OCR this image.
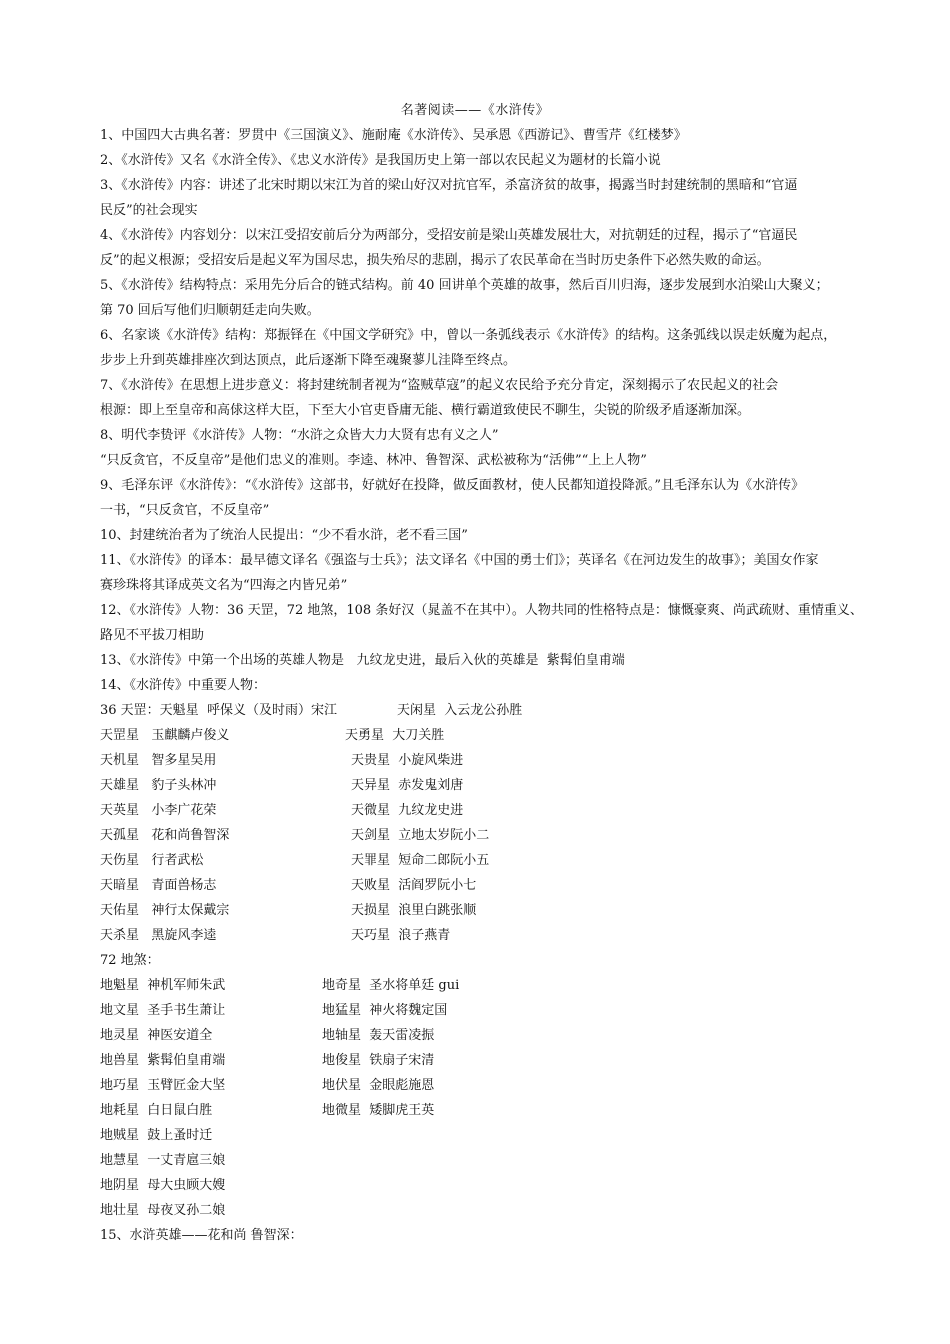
名著阅读——《水浒传》
1、中国四大古典名著：罗贯中《三国演义》、施耐庵《水浒传》、吴承恩《西游记》、曹雪芹《红楼梦》
2、《水浒传》又名《水浒全传》、《忠义水浒传》是我国历史上第一部以农民起义为题材的长篇小说
3、《水浒传》内容：讲述了北宋时期以宋江为首的梁山好汉对抗官军，杀富济贫的故事，揭露当时封建统制的黑暗和“官逼
民反”的社会现实
4、《水浒传》内容划分：以宋江受招安前后分为两部分，受招安前是梁山英雄发展壮大，对抗朝廷的过程，揭示了“官逼民
反”的起义根源；受招安后是起义军为国尽忠，损失殆尽的悲剧，揭示了农民革命在当时历史条件下必然失败的命运。
5、《水浒传》结构特点：采用先分后合的链式结构。前 40 回讲单个英雄的故事，然后百川归海，逐步发展到水泊梁山大聚义；
第 70 回后写他们归顺朝廷走向失败。
6、名家谈《水浒传》结构：郑振铎在《中国文学研究》中，曾以一条弧线表示《水浒传》的结构。这条弧线以误走妖魔为起点，
步步上升到英雄排座次到达顶点，此后逐渐下降至魂聚蓼儿洼降至终点。
7、《水浒传》在思想上进步意义：将封建统制者视为“盗贼草寇”的起义农民给予充分肯定，深刻揭示了农民起义的社会
根源：即上至皇帝和高俅这样大臣，下至大小官吏昏庸无能、横行霸道致使民不聊生，尖锐的阶级矛盾逐渐加深。
8、明代李贽评《水浒传》人物：“水浒之众皆大力大贤有忠有义之人”
“只反贪官，不反皇帝”是他们忠义的准则。李逵、林冲、鲁智深、武松被称为“活佛”“上上人物”
9、毛泽东评《水浒传》：“《水浒传》这部书，好就好在投降，做反面教材，使人民都知道投降派。”且毛泽东认为《水浒传》
一书，“只反贪官，不反皇帝”
10、封建统治者为了统治人民提出：“少不看水浒，老不看三国”
11、《水浒传》的译本：最早德文译名《强盗与士兵》；法文译名《中国的勇士们》；英译名《在河边发生的故事》；美国女作家
赛珍珠将其译成英文名为“四海之内皆兄弟”
12、《水浒传》人物：36 天罡，72 地煞，108 条好汉（晁盖不在其中）。人物共同的性格特点是：慷慨豪爽、尚武疏财、重情重义、
路见不平拔刀相助
13、《水浒传》中第一个出场的英雄人物是   九纹龙史进，最后入伙的英雄是  紫髯伯皇甫端
14、《水浒传》中重要人物：
36 天罡：天魁星  呼保义（及时雨）宋江	天闲星  入云龙公孙胜
天罡星   玉麒麟卢俊义
天机星   智多星吴用
天雄星   豹子头林冲
天英星   小李广花荣
天孤星   花和尚鲁智深
天伤星   行者武松
天暗星   青面兽杨志
天佑星   神行太保戴宗
天杀星   黑旋风李逵
天勇星  大刀关胜
天贵星  小旋风柴进
天异星  赤发鬼刘唐
天微星  九纹龙史进
天剑星  立地太岁阮小二
天罪星  短命二郎阮小五
天败星  活阎罗阮小七
天损星  浪里白跳张顺
天巧星  浪子燕青
72 地煞：
地魁星  神机军师朱武
地文星  圣手书生萧让
地灵星  神医安道全
地兽星  紫髯伯皇甫端
地巧星  玉臂匠金大坚
地耗星  白日鼠白胜
地贼星  鼓上蚤时迁
地慧星  一丈青扈三娘
地阴星  母大虫顾大嫂
地壮星  母夜叉孙二娘
地奇星  圣水将单廷 gui
地猛星  神火将魏定国
地轴星  轰天雷凌振
地俊星  铁扇子宋清
地伏星  金眼彪施恩
地微星  矮脚虎王英
15、水浒英雄——花和尚 鲁智深：
